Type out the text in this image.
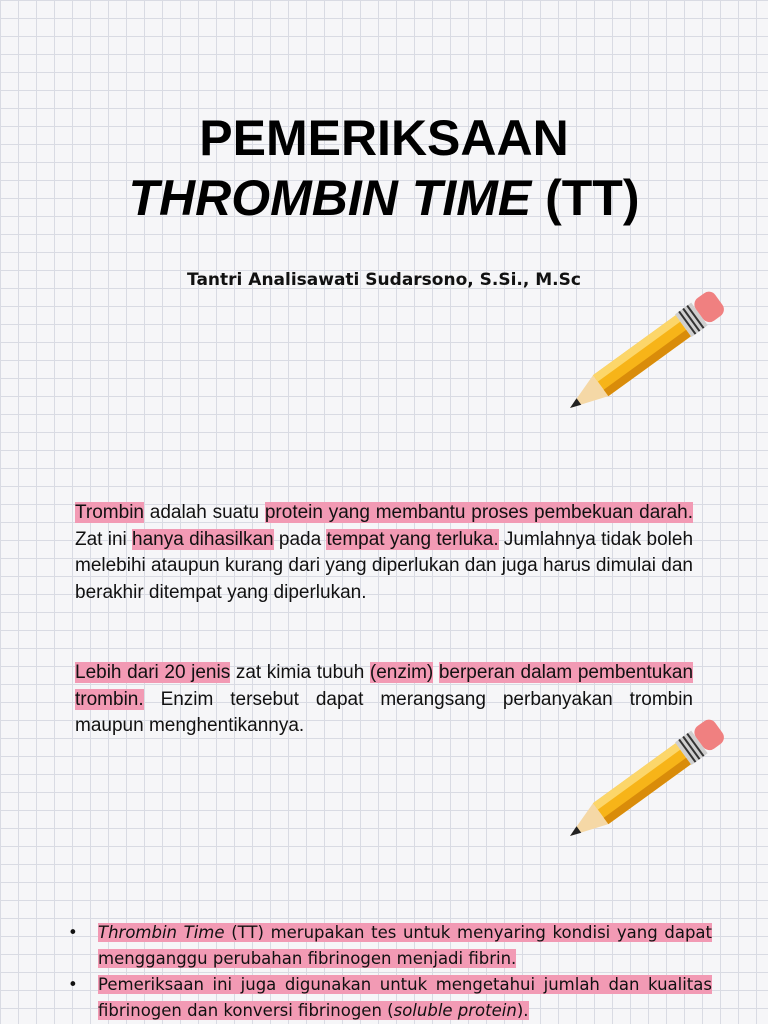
PEMERIKSAAN
THROMBIN TIME (TT)
Tantri Analisawati Sudarsono, S.Si., M.Sc
Trombin adalah suatu protein yang membantu proses pembekuan darah. Zat ini hanya dihasilkan pada tempat yang terluka. Jumlahnya tidak boleh melebihi ataupun kurang dari yang diperlukan dan juga harus dimulai dan berakhir ditempat yang diperlukan.
Lebih dari 20 jenis zat kimia tubuh (enzim) berperan dalam pembentukan trombin. Enzim tersebut dapat merangsang perbanyakan trombin maupun menghentikannya.
• Thrombin Time (TT) merupakan tes untuk menyaring kondisi yang dapat mengganggu perubahan fibrinogen menjadi fibrin.
• Pemeriksaan ini juga digunakan untuk mengetahui jumlah dan kualitas fibrinogen dan konversi fibrinogen (soluble protein).
